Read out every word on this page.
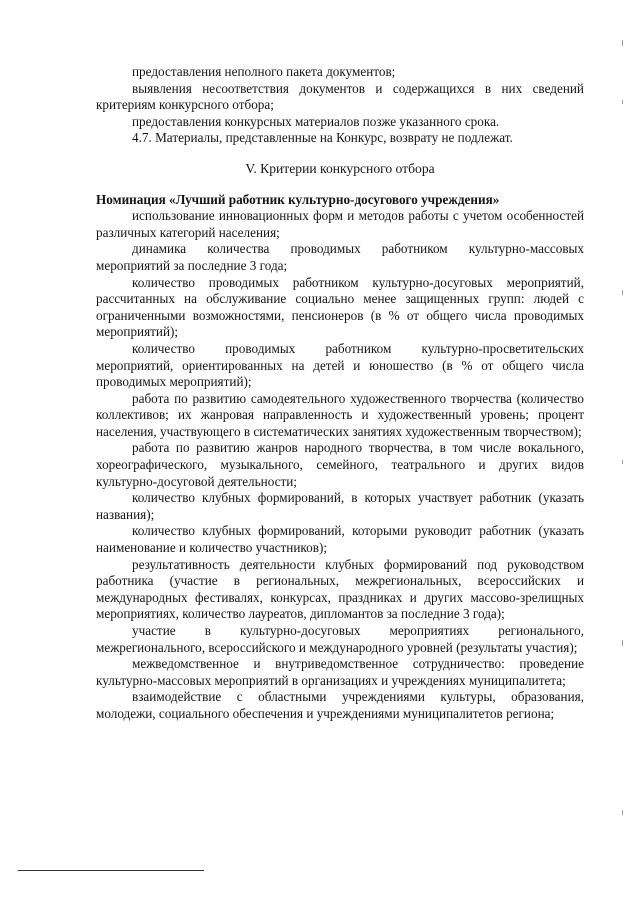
предоставления неполного пакета документов;

выявления несоответствия документов и содержащихся в них сведений критериям конкурсного отбора;

предоставления конкурсных материалов позже указанного срока.

4.7. Материалы, представленные на Конкурс, возврату не подлежат.

V. Критерии конкурсного отбора

Номинация «Лучший работник культурно-досугового учреждения»

использование инновационных форм и методов работы с учетом особенностей различных категорий населения;

динамика количества проводимых работником культурно-массовых мероприятий за последние 3 года;

количество проводимых работником культурно-досуговых мероприятий, рассчитанных на обслуживание социально менее защищенных групп: людей с ограниченными возможностями, пенсионеров (в % от общего числа проводимых мероприятий);

количество проводимых работником культурно-просветительских мероприятий, ориентированных на детей и юношество (в % от общего числа проводимых мероприятий);

работа по развитию самодеятельного художественного творчества (количество коллективов; их жанровая направленность и художественный уровень; процент населения, участвующего в систематических занятиях художественным творчеством);

работа по развитию жанров народного творчества, в том числе вокального, хореографического, музыкального, семейного, театрального и других видов культурно-досуговой деятельности;

количество клубных формирований, в которых участвует работник (указать названия);

количество клубных формирований, которыми руководит работник (указать наименование и количество участников);

результативность деятельности клубных формирований под руководством работника (участие в региональных, межрегиональных, всероссийских и международных фестивалях, конкурсах, праздниках и других массово-зрелищных мероприятиях, количество лауреатов, дипломантов за последние 3 года);

участие в культурно-досуговых мероприятиях регионального, межрегионального, всероссийского и международного уровней (результаты участия);

межведомственное и внутриведомственное сотрудничество: проведение культурно-массовых мероприятий в организациях и учреждениях муниципалитета;

взаимодействие с областными учреждениями культуры, образования, молодежи, социального обеспечения и учреждениями муниципалитетов региона;
